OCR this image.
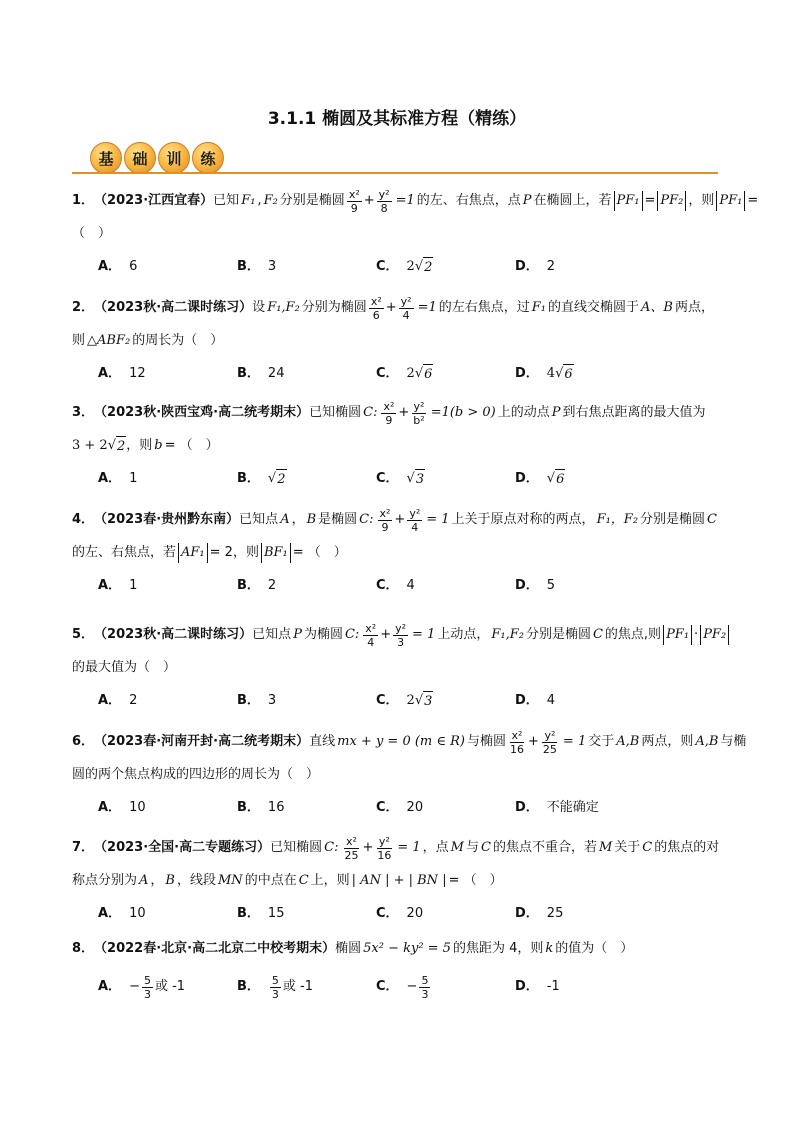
3.1.1 椭圆及其标准方程（精练）
基	础	训	练
1． （2023·江西宜春） 已知 F₁ , F₂ 分别是椭圆 $\frac{\text{x²}}{9} + \frac{\text{y²}}{8} =1$ 的左、右焦点，点 P 在椭圆上，若 PF₁ = PF₂ ，则 PF₁ =
（　）
A． 6	B． 3	C． 2 √ 2	D． 2
2． （2023秋·高二课时练习） 设 F₁,F₂ 分别为椭圆 $\frac{\text{x²}}{6} + \frac{\text{y²}}{4} =1$ 的左右焦点，过 F₁ 的直线交椭圆于 A、B 两点，
则 △ABF₂ 的周长为（　）
A． 12	B． 24	C． 2 √ 6	D． 4 √ 6
3． （2023秋·陕西宝鸡·高二统考期末） 已知椭圆 C: $\frac{\text{x²}}{9} + \frac{\text{y²}}{\text{b²}} =1(b > 0)$ 上的动点 P 到右焦点距离的最大值为
3 + 2 √ 2 ，则 b = （　）
A． 1	B． √ 2	C． √ 3	D． √ 6
4． （2023春·贵州黔东南） 已知点 A ， B 是椭圆 C: $\frac{\text{x²}}{9} + \frac{\text{y²}}{4} = 1$ 上关于原点对称的两点， F₁，F₂ 分别是椭圆 C
的左、右焦点，若 AF₁ = 2 ，则 BF₁ = （　）
A． 1	B． 2	C． 4	D． 5
5． （2023秋·高二课时练习） 已知点 P 为椭圆 C: $\frac{\text{x²}}{4} + \frac{\text{y²}}{3} = 1$ 上动点， F₁,F₂ 分别是椭圆 C 的焦点,则 PF₁ · PF₂
的最大值为（　）
A． 2	B． 3	C． 2 √ 3	D． 4
6． （2023春·河南开封·高二统考期末） 直线 mx + y = 0 (m ∈ R) 与椭圆 $\frac{\text{x²}}{16} + \frac{\text{y²}}{25} = 1$ 交于 A,B 两点，则 A,B 与椭
圆的两个焦点构成的四边形的周长为（　）
A． 10	B． 16	C． 20	D． 不能确定
7． （2023·全国·高二专题练习） 已知椭圆 C: $\frac{\text{x²}}{25} + \frac{\text{y²}}{16} = 1$ ，点 M 与 C 的焦点不重合，若 M 关于 C 的焦点的对
称点分别为 A ， B ，线段 MN 的中点在 C 上，则 | AN | + | BN | = （　）
A． 10	B． 15	C． 20	D． 25
8． （2022春·北京·高二北京二中校考期末） 椭圆 5x² − ky² = 5 的焦距为 4，则 k 的值为（　）
A． − $\frac{5}{3}$ 或 -1	B． $\frac{5}{3}$ 或 -1	C． − $\frac{5}{3}$	D． -1
